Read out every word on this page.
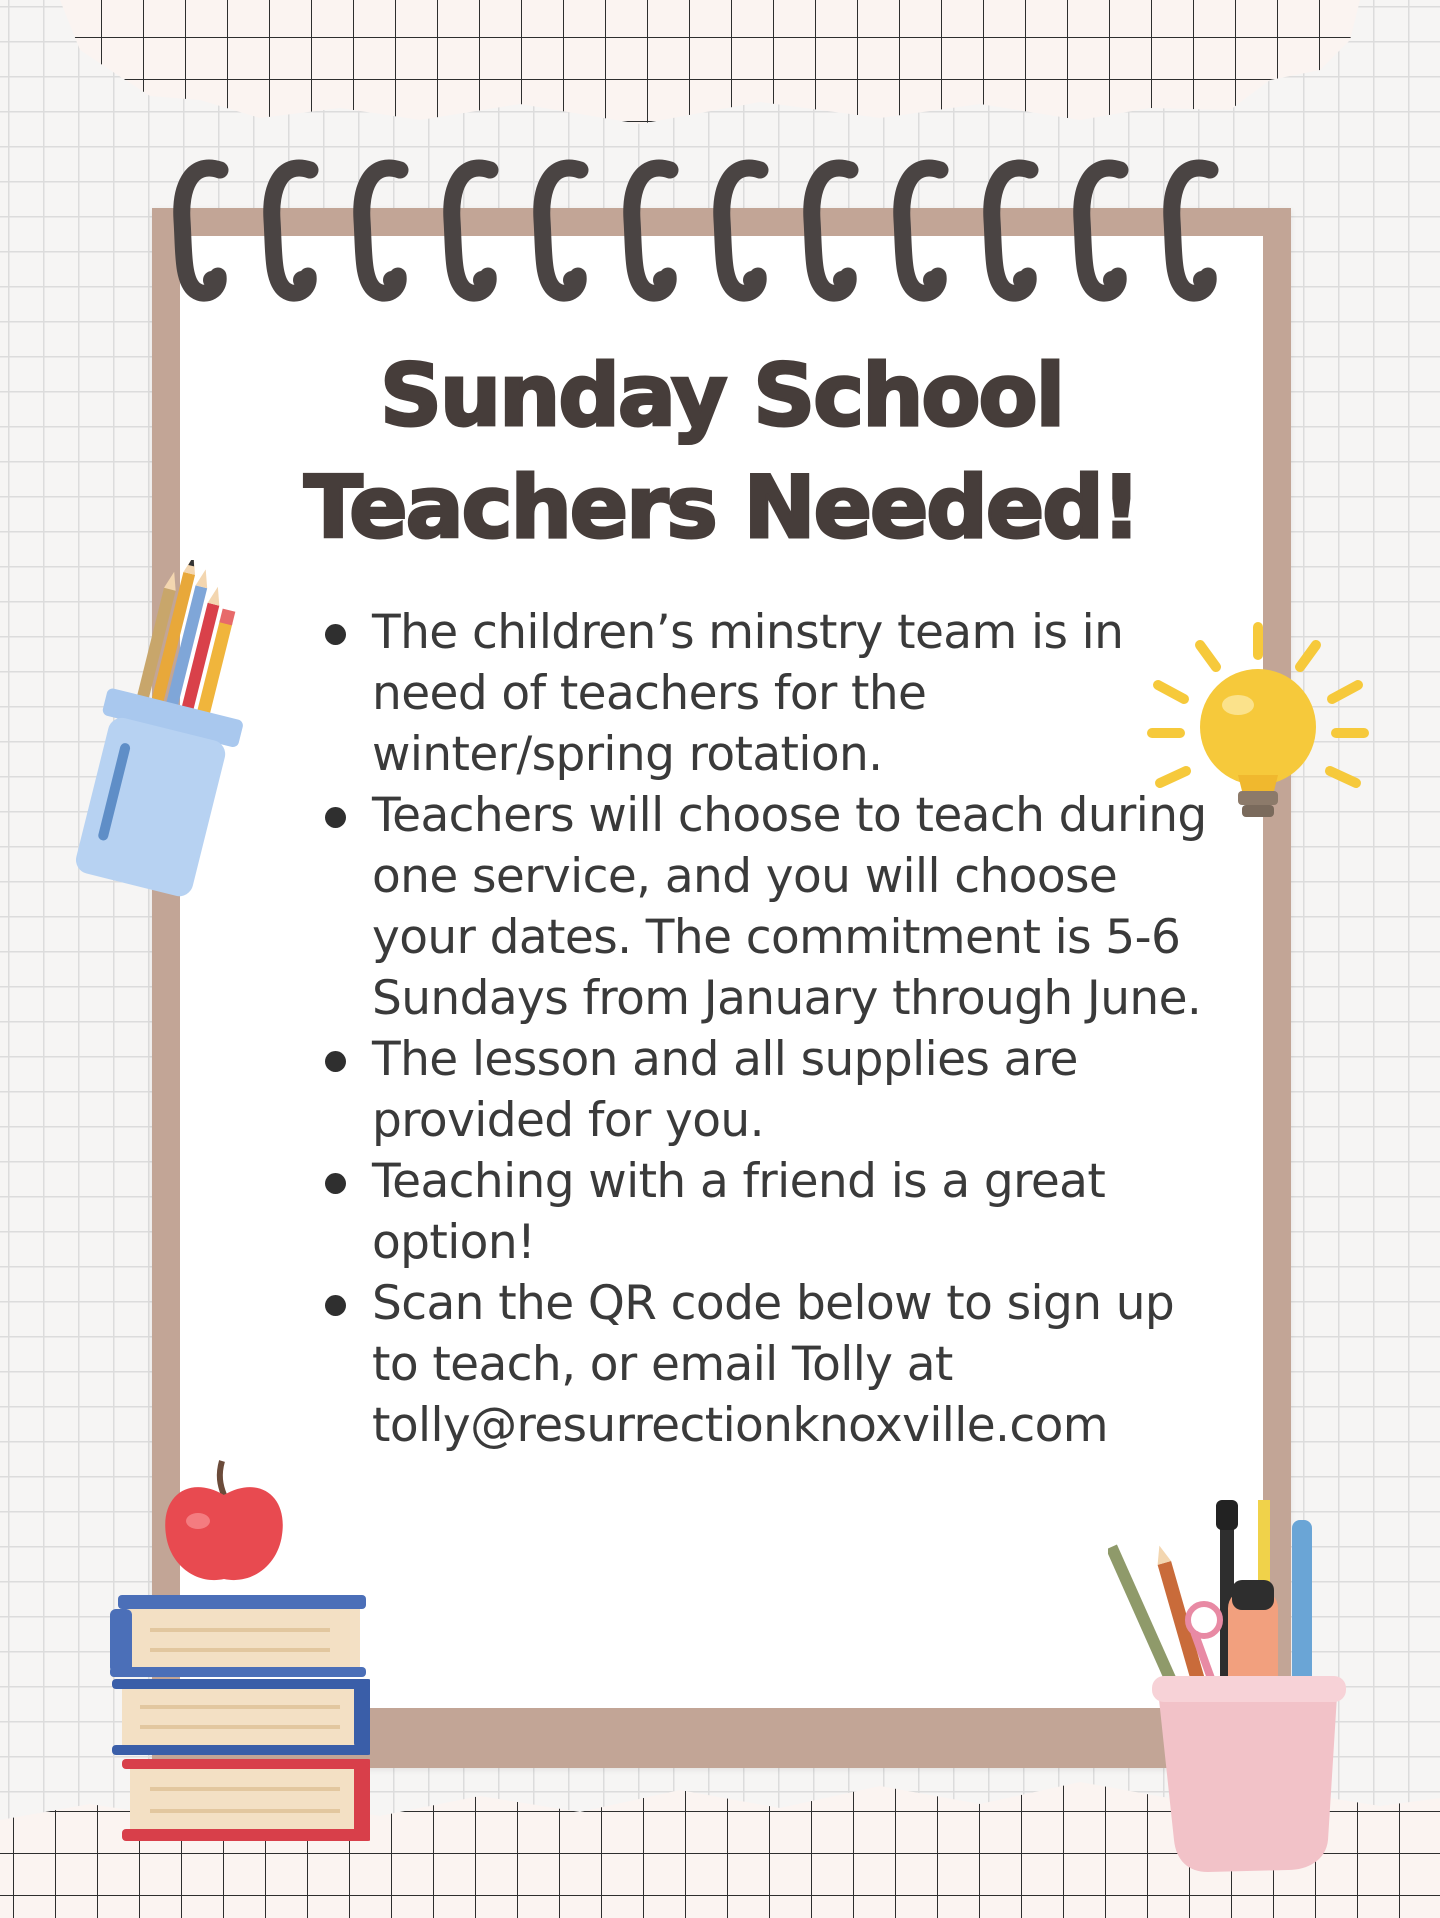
Sunday School
Teachers Needed!
The children’s minstry team is in need of teachers for the winter/spring rotation.
Teachers will choose to teach during one service, and you will choose your dates. The commitment is 5-6 Sundays from January through June.
The lesson and all supplies are provided for you.
Teaching with a friend is a great option!
Scan the QR code below to sign up to teach, or email Tolly at tolly@resurrectionknoxville.com
